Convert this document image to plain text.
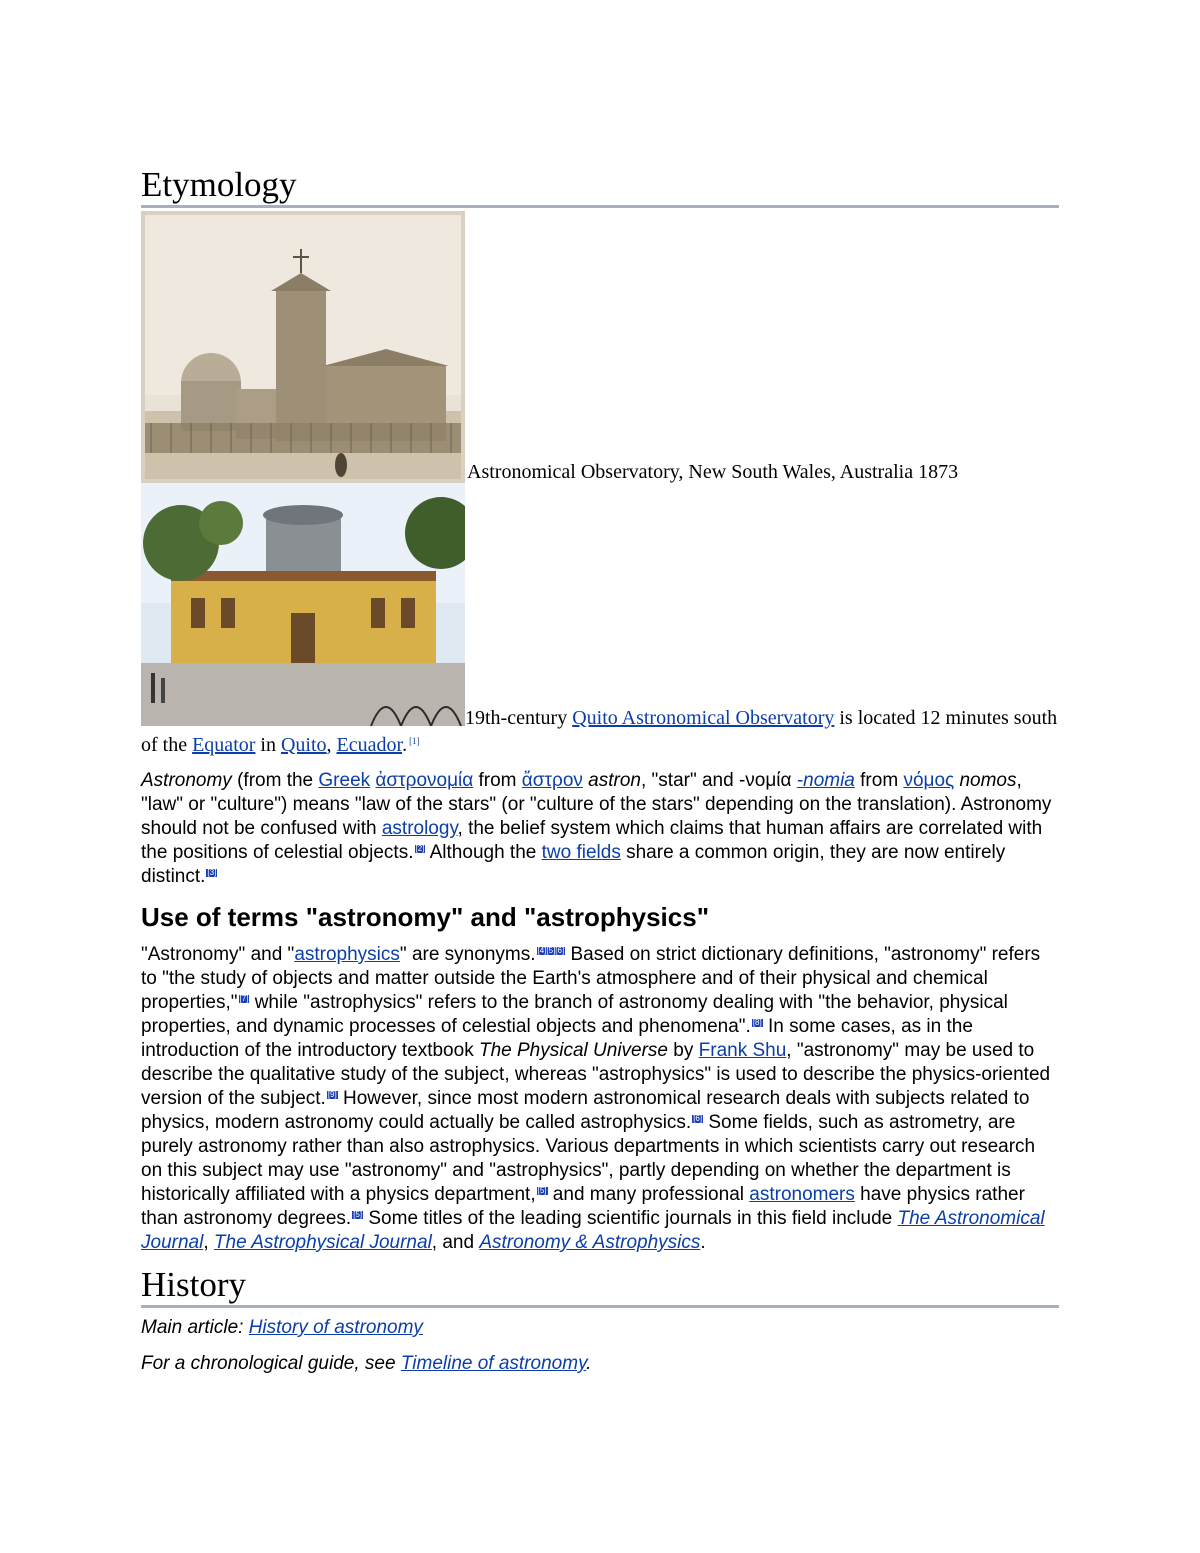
Etymology
Astronomical Observatory, New South Wales, Australia 1873
19th-century Quito Astronomical Observatory is located 12 minutes south of the Equator in Quito, Ecuador. [1]

Astronomy (from the Greek ἀστρονομία from ἄστρον astron, "star" and -νομία -nomia from νόμος nomos, "law" or "culture") means "law of the stars" (or "culture of the stars" depending on the translation). Astronomy should not be confused with astrology, the belief system which claims that human affairs are correlated with the positions of celestial objects. [2] Although the two fields share a common origin, they are now entirely distinct. [3]

Use of terms "astronomy" and "astrophysics"

"Astronomy" and "astrophysics" are synonyms. [4][5][6] Based on strict dictionary definitions, "astronomy" refers to "the study of objects and matter outside the Earth's atmosphere and of their physical and chemical properties," [7] while "astrophysics" refers to the branch of astronomy dealing with "the behavior, physical properties, and dynamic processes of celestial objects and phenomena". [8] In some cases, as in the introduction of the introductory textbook The Physical Universe by Frank Shu, "astronomy" may be used to describe the qualitative study of the subject, whereas "astrophysics" is used to describe the physics-oriented version of the subject. [9] However, since most modern astronomical research deals with subjects related to physics, modern astronomy could actually be called astrophysics. [6] Some fields, such as astrometry, are purely astronomy rather than also astrophysics. Various departments in which scientists carry out research on this subject may use "astronomy" and "astrophysics", partly depending on whether the department is historically affiliated with a physics department, [5] and many professional astronomers have physics rather than astronomy degrees. [5] Some titles of the leading scientific journals in this field include The Astronomical Journal, The Astrophysical Journal, and Astronomy & Astrophysics.

History

Main article: History of astronomy

For a chronological guide, see Timeline of astronomy.
